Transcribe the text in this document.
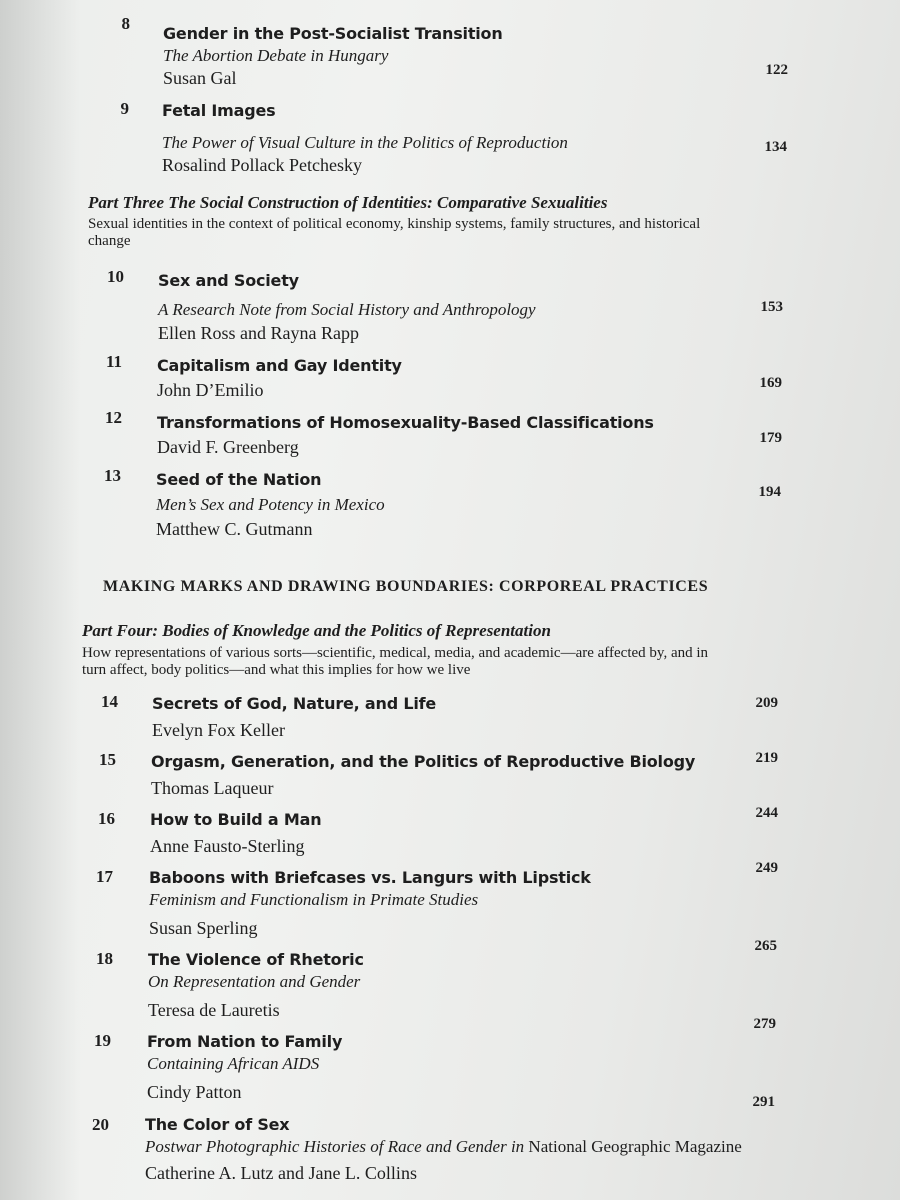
8
Gender in the Post-Socialist Transition
The Abortion Debate in Hungary
Susan Gal	122
9 Fetal Images
The Power of Visual Culture in the Politics of Reproduction
Rosalind Pollack Petchesky
134
Part Three The Social Construction of Identities: Comparative Sexualities
Sexual identities in the context of political economy, kinship systems, family structures, and historical change
10 Sex and Society
A Research Note from Social History and Anthropology
Ellen Ross and Rayna Rapp
153
11 Capitalism and Gay Identity
John D’Emilio	169
12 Transformations of Homosexuality-Based Classifications
David F. Greenberg	179
13 Seed of the Nation
Men’s Sex and Potency in Mexico
Matthew C. Gutmann
194
MAKING MARKS AND DRAWING BOUNDARIES: CORPOREAL PRACTICES
Part Four: Bodies of Knowledge and the Politics of Representation
How representations of various sorts—scientific, medical, media, and academic—are affected by, and in turn affect, body politics—and what this implies for how we live
14 Secrets of God, Nature, and Life
Evelyn Fox Keller
209
15 Orgasm, Generation, and the Politics of Reproductive Biology
Thomas Laqueur
219
16 How to Build a Man
Anne Fausto-Sterling
244
17 Baboons with Briefcases vs. Langurs with Lipstick
Feminism and Functionalism in Primate Studies
Susan Sperling
249
18 The Violence of Rhetoric
On Representation and Gender
Teresa de Lauretis
265
19 From Nation to Family
Containing African AIDS
Cindy Patton
279
20 The Color of Sex
Postwar Photographic Histories of Race and Gender in National Geographic Magazine
Catherine A. Lutz and Jane L. Collins
291
